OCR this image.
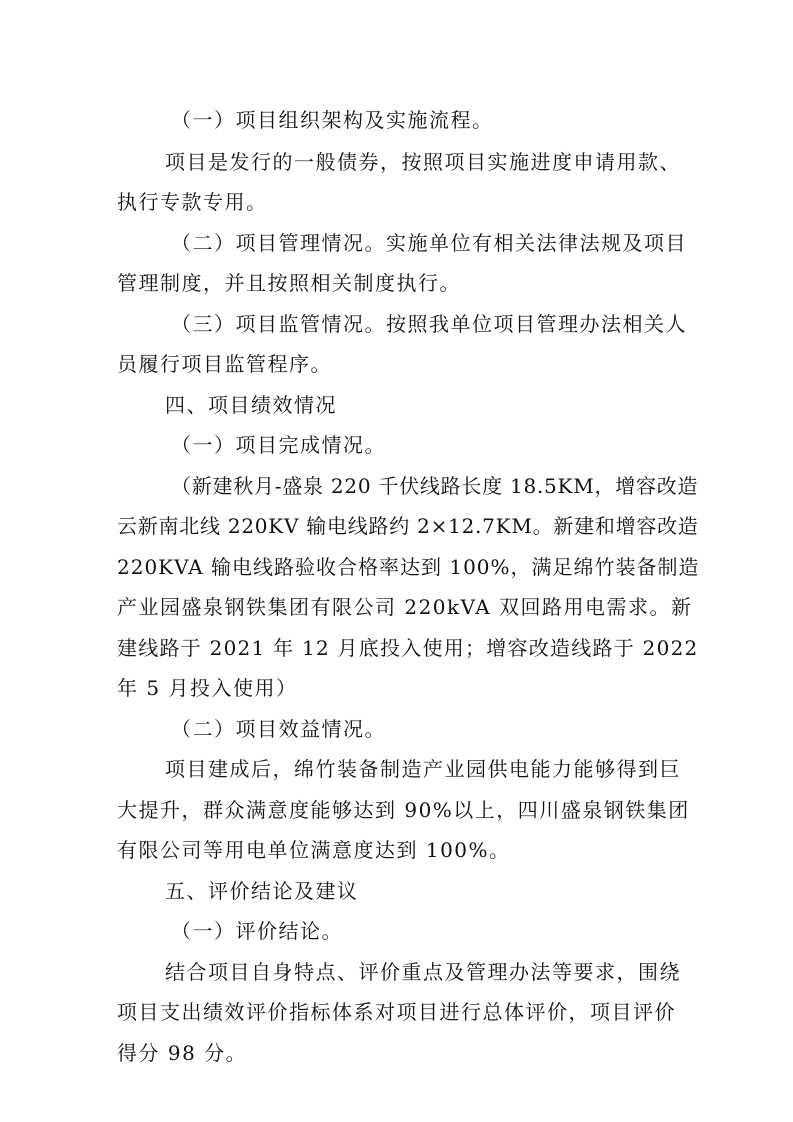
（一）项目组织架构及实施流程。
项目是发行的一般债券，按照项目实施进度申请用款、
执行专款专用。
（二）项目管理情况。实施单位有相关法律法规及项目
管理制度，并且按照相关制度执行。
（三）项目监管情况。按照我单位项目管理办法相关人
员履行项目监管程序。
四、项目绩效情况
（一）项目完成情况。
（新建秋月-盛泉 220 千伏线路长度 18.5KM，增容改造
云新南北线 220KV 输电线路约 2×12.7KM。新建和增容改造
220KVA 输电线路验收合格率达到 100%，满足绵竹装备制造
产业园盛泉钢铁集团有限公司 220kVA 双回路用电需求。新
建线路于 2021 年 12 月底投入使用；增容改造线路于 2022
年 5 月投入使用）
（二）项目效益情况。
项目建成后，绵竹装备制造产业园供电能力能够得到巨
大提升，群众满意度能够达到 90%以上，四川盛泉钢铁集团
有限公司等用电单位满意度达到 100%。
五、评价结论及建议
（一）评价结论。
结合项目自身特点、评价重点及管理办法等要求，围绕
项目支出绩效评价指标体系对项目进行总体评价，项目评价
得分 98 分。
